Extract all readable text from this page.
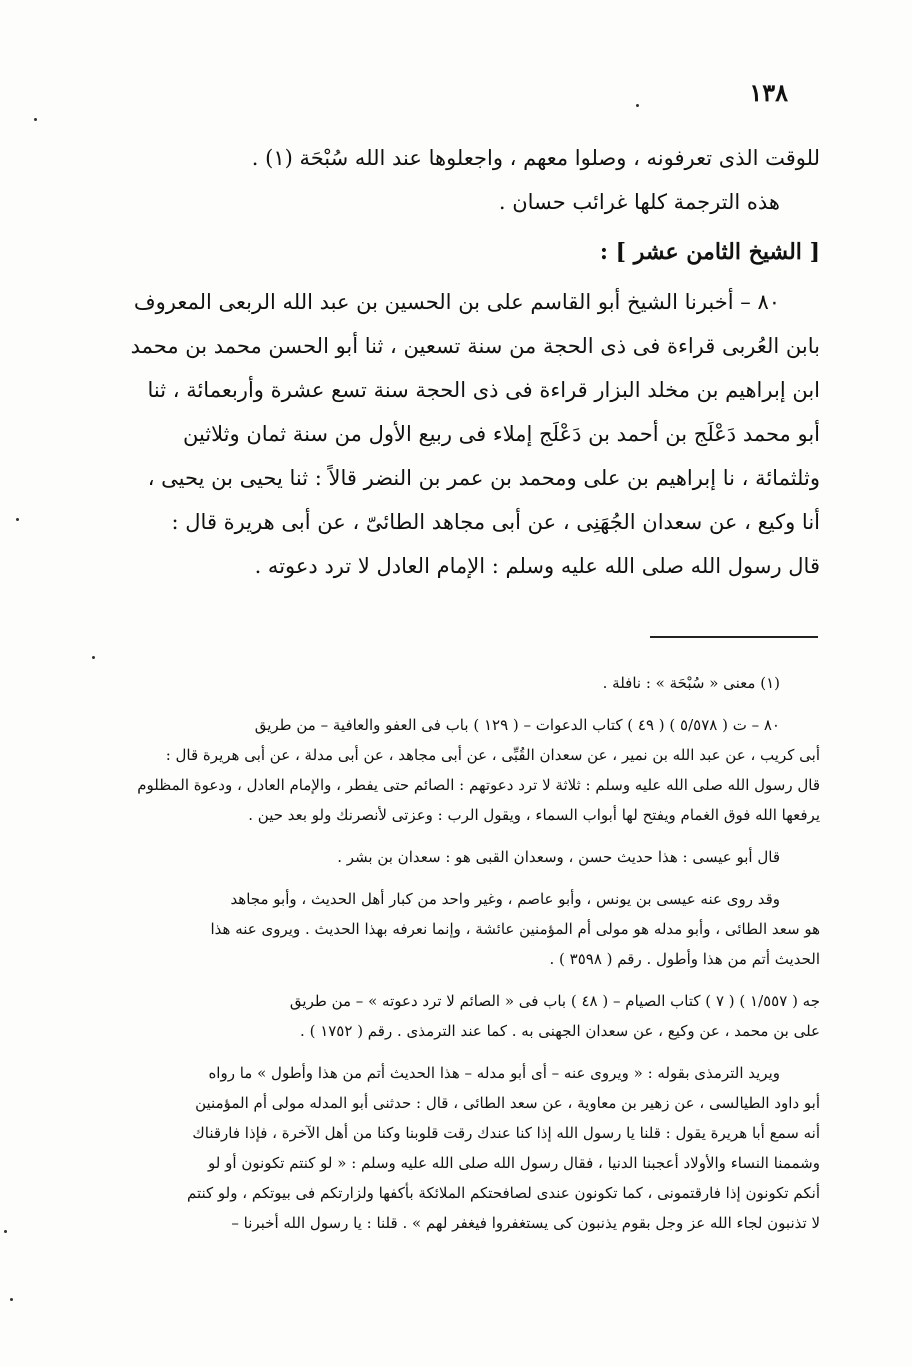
١٣٨
للوقت الذى تعرفونه ، وصلوا معهم ، واجعلوها عند الله سُبْحَة (١) .
هذه الترجمة كلها غرائب حسان .
[ الشيخ الثامن عشر ] :
٨٠ – أخبرنا الشيخ أبو القاسم على بن الحسين بن عبد الله الربعى المعروف
بابن العُربى قراءة فى ذى الحجة من سنة تسعين ، ثنا أبو الحسن محمد بن محمد
ابن إبراهيم بن مخلد البزار قراءة فى ذى الحجة سنة تسع عشرة وأربعمائة ، ثنا
أبو محمد دَعْلَج بن أحمد بن دَعْلَج إملاء فى ربيع الأول من سنة ثمان وثلاثين
وثلثمائة ، نا إبراهيم بن على ومحمد بن عمر بن النضر قالاً : ثنا يحيى بن يحيى ،
أنا وكيع ، عن سعدان الجُهَنِى ، عن أبى مجاهد الطائىّ ، عن أبى هريرة قال :
قال رسول الله صلى الله عليه وسلم : الإمام العادل لا ترد دعوته .
(١) معنى « سُبْحَة » : نافلة .
٨٠ – ت ( ٥/٥٧٨ ) ( ٤٩ ) كتاب الدعوات – ( ١٢٩ ) باب فى العفو والعافية – من طريق
أبى كريب ، عن عبد الله بن نمير ، عن سعدان القُبِّى ، عن أبى مجاهد ، عن أبى مدلة ، عن أبى هريرة قال :
قال رسول الله صلى الله عليه وسلم : ثلاثة لا ترد دعوتهم : الصائم حتى يفطر ، والإمام العادل ، ودعوة المظلوم
يرفعها الله فوق الغمام ويفتح لها أبواب السماء ، ويقول الرب : وعزتى لأنصرنك ولو بعد حين .
قال أبو عيسى : هذا حديث حسن ، وسعدان القبى هو : سعدان بن بشر .
وقد روى عنه عيسى بن يونس ، وأبو عاصم ، وغير واحد من كبار أهل الحديث ، وأبو مجاهد
هو سعد الطائى ، وأبو مدله هو مولى أم المؤمنين عائشة ، وإنما نعرفه بهذا الحديث . ويروى عنه هذا
الحديث أتم من هذا وأطول . رقم ( ٣٥٩٨ ) .
جه ( ١/٥٥٧ ) ( ٧ ) كتاب الصيام – ( ٤٨ ) باب فى « الصائم لا ترد دعوته » – من طريق
على بن محمد ، عن وكيع ، عن سعدان الجهنى به . كما عند الترمذى . رقم ( ١٧٥٢ ) .
ويريد الترمذى بقوله : « ويروى عنه – أى أبو مدله – هذا الحديث أتم من هذا وأطول » ما رواه
أبو داود الطيالسى ، عن زهير بن معاوية ، عن سعد الطائى ، قال : حدثنى أبو المدله مولى أم المؤمنين
أنه سمع أبا هريرة يقول : قلنا يا رسول الله إذا كنا عندك رقت قلوبنا وكنا من أهل الآخرة ، فإذا فارقناك
وشممنا النساء والأولاد أعجبنا الدنيا ، فقال رسول الله صلى الله عليه وسلم : « لو كنتم تكونون أو لو
أنكم تكونون إذا فارقتمونى ، كما تكونون عندى لصافحتكم الملائكة بأكفها ولزارتكم فى بيوتكم ، ولو كنتم
لا تذنبون لجاء الله عز وجل بقوم يذنبون كى يستغفروا فيغفر لهم » . قلنا : يا رسول الله أخبرنا –
